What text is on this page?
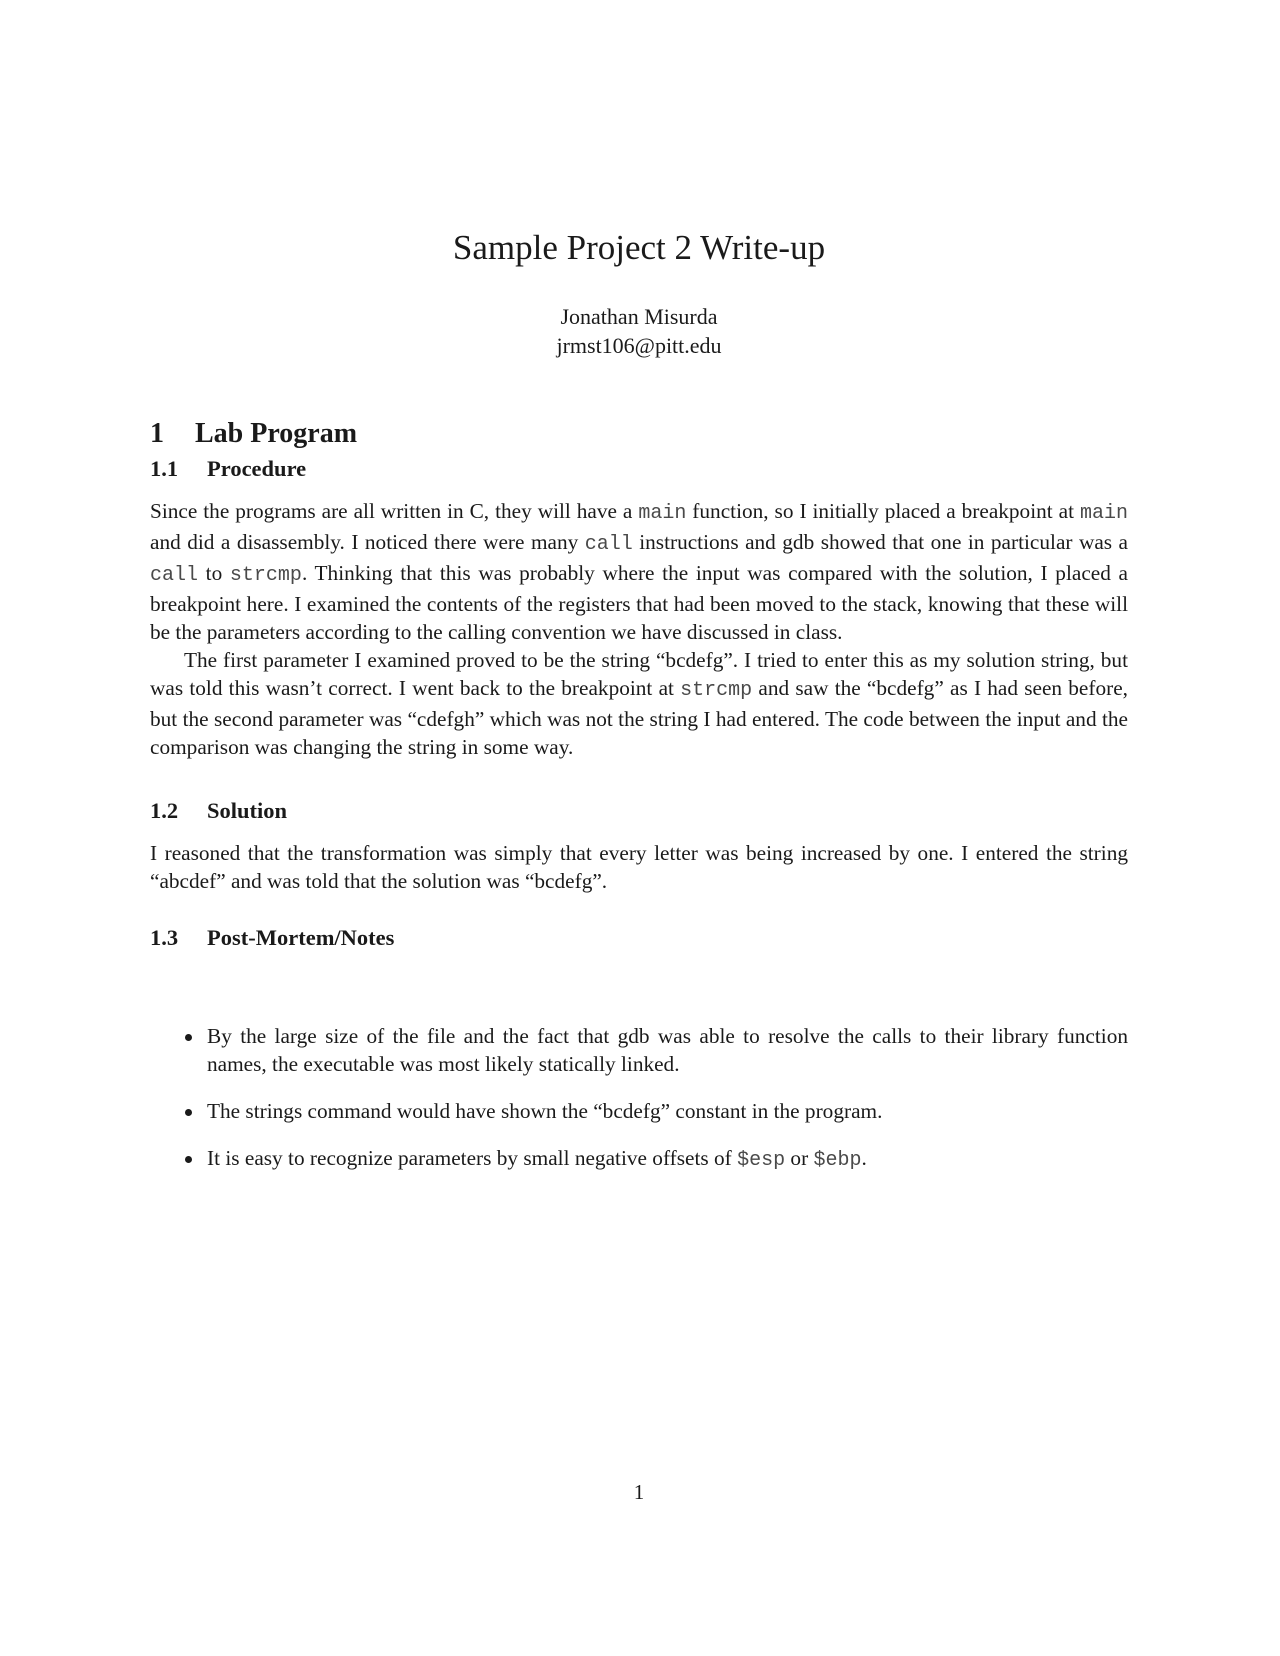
Sample Project 2 Write-up
Jonathan Misurda
jrmst106@pitt.edu
1 Lab Program
1.1 Procedure

Since the programs are all written in C, they will have a main function, so I initially placed a breakpoint at main and did a disassembly. I noticed there were many call instructions and gdb showed that one in particular was a call to strcmp. Thinking that this was probably where the input was compared with the solution, I placed a breakpoint here. I examined the contents of the registers that had been moved to the stack, knowing that these will be the parameters according to the calling convention we have discussed in class.

The first parameter I examined proved to be the string “bcdefg”. I tried to enter this as my solution string, but was told this wasn’t correct. I went back to the breakpoint at strcmp and saw the “bcdefg” as I had seen before, but the second parameter was “cdefgh” which was not the string I had entered. The code between the input and the comparison was changing the string in some way.

1.2 Solution

I reasoned that the transformation was simply that every letter was being increased by one. I entered the string “abcdef” and was told that the solution was “bcdefg”.

1.3 Post-Mortem/Notes
By the large size of the file and the fact that gdb was able to resolve the calls to their library function names, the executable was most likely statically linked.
The strings command would have shown the “bcdefg” constant in the program.
It is easy to recognize parameters by small negative offsets of $esp or $ebp.
1
